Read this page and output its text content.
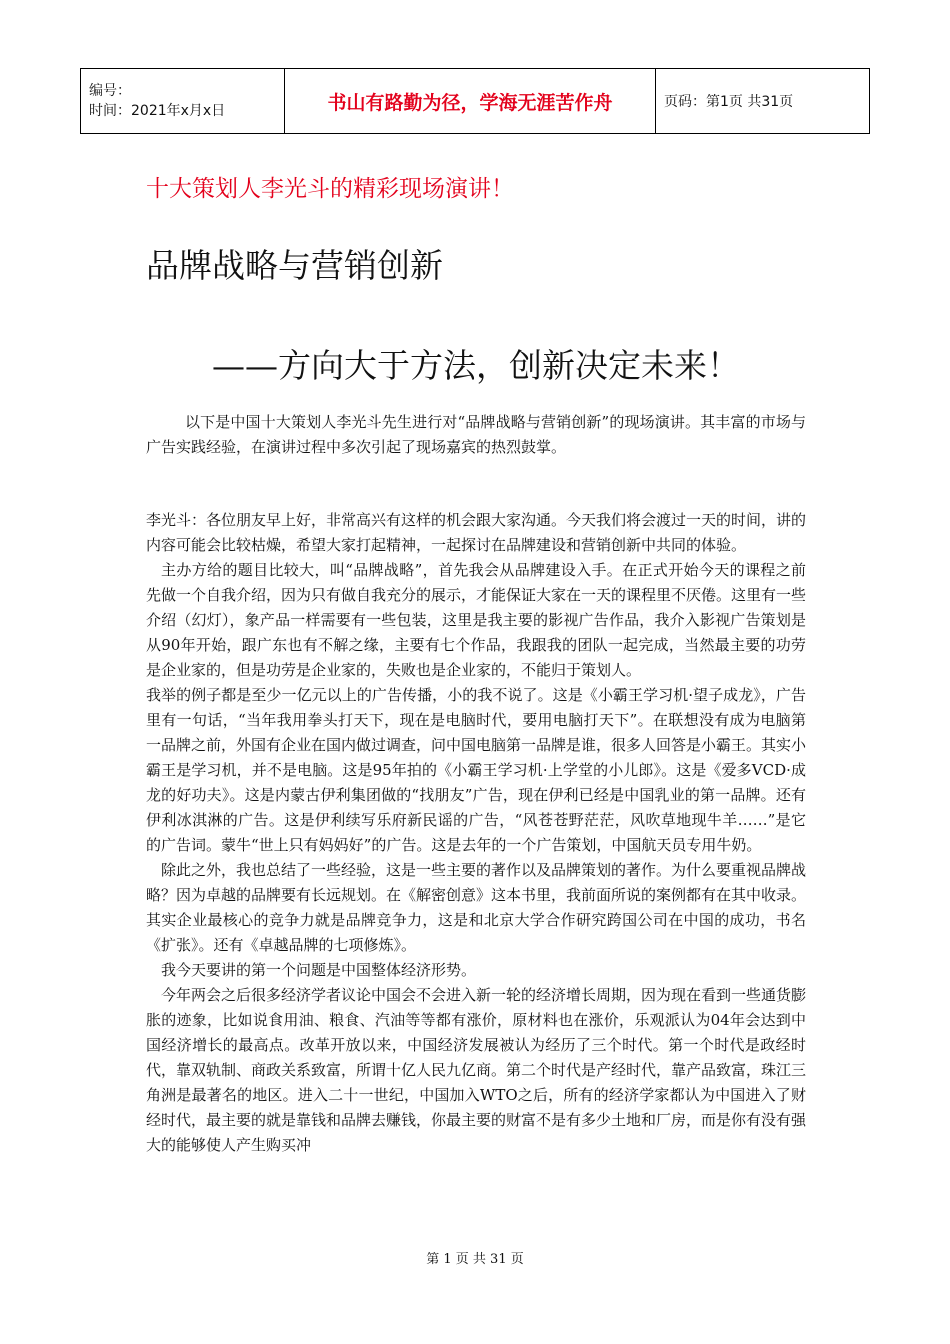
编号：
时间：2021年x月x日	书山有路勤为径，学海无涯苦作舟	页码：第1页 共31页
十大策划人李光斗的精彩现场演讲！
品牌战略与营销创新
——方向大于方法，创新决定未来！

以下是中国十大策划人李光斗先生进行对“品牌战略与营销创新”的现场演讲。其丰富的市场与广告实践经验，在演讲过程中多次引起了现场嘉宾的热烈鼓掌。

李光斗：各位朋友早上好，非常高兴有这样的机会跟大家沟通。今天我们将会渡过一天的时间，讲的内容可能会比较枯燥，希望大家打起精神，一起探讨在品牌建设和营销创新中共同的体验。

主办方给的题目比较大，叫“品牌战略”，首先我会从品牌建设入手。在正式开始今天的课程之前先做一个自我介绍，因为只有做自我充分的展示，才能保证大家在一天的课程里不厌倦。这里有一些介绍（幻灯），象产品一样需要有一些包装，这里是我主要的影视广告作品，我介入影视广告策划是从90年开始，跟广东也有不解之缘，主要有七个作品，我跟我的团队一起完成，当然最主要的功劳是企业家的，但是功劳是企业家的，失败也是企业家的，不能归于策划人。

我举的例子都是至少一亿元以上的广告传播，小的我不说了。这是《小霸王学习机·望子成龙》，广告里有一句话，“当年我用拳头打天下，现在是电脑时代，要用电脑打天下”。在联想没有成为电脑第一品牌之前，外国有企业在国内做过调查，问中国电脑第一品牌是谁，很多人回答是小霸王。其实小霸王是学习机，并不是电脑。这是95年拍的《小霸王学习机·上学堂的小儿郎》。这是《爱多VCD·成龙的好功夫》。这是内蒙古伊利集团做的“找朋友”广告，现在伊利已经是中国乳业的第一品牌。还有伊利冰淇淋的广告。这是伊利续写乐府新民谣的广告，“风苍苍野茫茫，风吹草地现牛羊……”是它的广告词。蒙牛“世上只有妈妈好”的广告。这是去年的一个广告策划，中国航天员专用牛奶。

除此之外，我也总结了一些经验，这是一些主要的著作以及品牌策划的著作。为什么要重视品牌战略？因为卓越的品牌要有长远规划。在《解密创意》这本书里，我前面所说的案例都有在其中收录。其实企业最核心的竞争力就是品牌竞争力，这是和北京大学合作研究跨国公司在中国的成功，书名《扩张》。还有《卓越品牌的七项修炼》。

我今天要讲的第一个问题是中国整体经济形势。

今年两会之后很多经济学者议论中国会不会进入新一轮的经济增长周期，因为现在看到一些通货膨胀的迹象，比如说食用油、粮食、汽油等等都有涨价，原材料也在涨价，乐观派认为04年会达到中国经济增长的最高点。改革开放以来，中国经济发展被认为经历了三个时代。第一个时代是政经时代，靠双轨制、商政关系致富，所谓十亿人民九亿商。第二个时代是产经时代，靠产品致富，珠江三角洲是最著名的地区。进入二十一世纪，中国加入WTO之后，所有的经济学家都认为中国进入了财经时代，最主要的就是靠钱和品牌去赚钱，你最主要的财富不是有多少土地和厂房，而是你有没有强大的能够使人产生购买冲

第 1 页 共 31 页
